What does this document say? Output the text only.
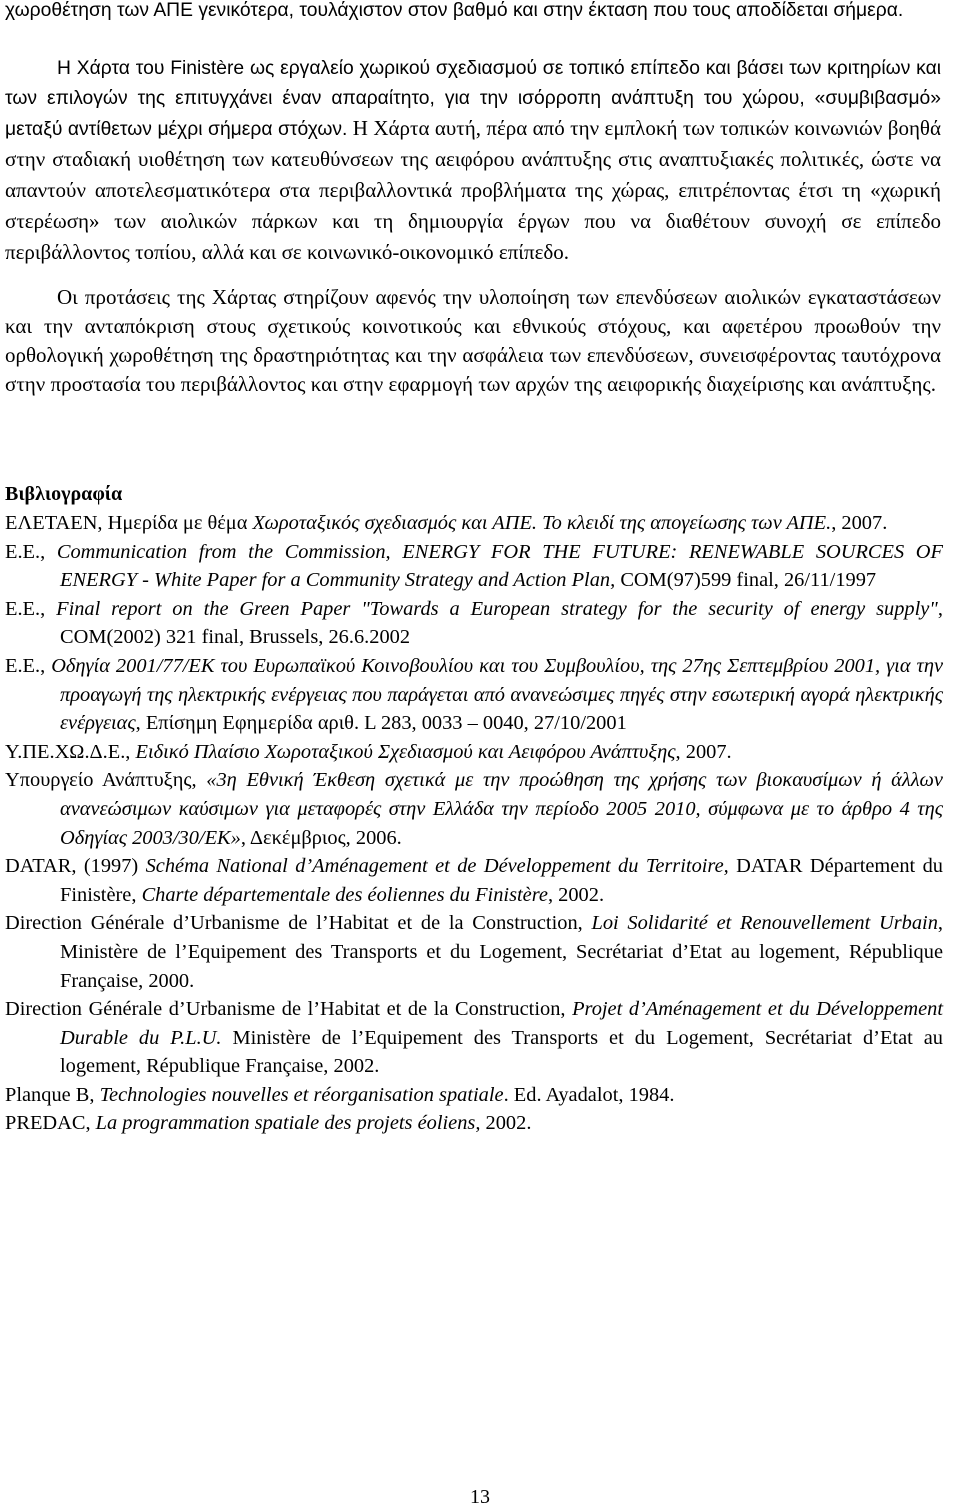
χωροθέτηση των ΑΠΕ γενικότερα, τουλάχιστον στον βαθμό και στην έκταση που τους αποδίδεται σήμερα.

Η Χάρτα του Finistère ως εργαλείο χωρικού σχεδιασμού σε τοπικό επίπεδο και βάσει των κριτηρίων και των επιλογών της επιτυγχάνει έναν απαραίτητο, για την ισόρροπη ανάπτυξη του χώρου, «συμβιβασμό» μεταξύ αντίθετων μέχρι σήμερα στόχων. Η Χάρτα αυτή, πέρα από την εμπλοκή των τοπικών κοινωνιών βοηθά στην σταδιακή υιοθέτηση των κατευθύνσεων της αειφόρου ανάπτυξης στις αναπτυξιακές πολιτικές, ώστε να απαντούν αποτελεσματικότερα στα περιβαλλοντικά προβλήματα της χώρας, επιτρέποντας έτσι τη «χωρική στερέωση» των αιολικών πάρκων και τη δημιουργία έργων που να διαθέτουν συνοχή σε επίπεδο περιβάλλοντος τοπίου, αλλά και σε κοινωνικό-οικονομικό επίπεδο.

Οι προτάσεις της Χάρτας στηρίζουν αφενός την υλοποίηση των επενδύσεων αιολικών εγκαταστάσεων και την ανταπόκριση στους σχετικούς κοινοτικούς και εθνικούς στόχους, και αφετέρου προωθούν την ορθολογική χωροθέτηση της δραστηριότητας και την ασφάλεια των επενδύσεων, συνεισφέροντας ταυτόχρονα στην προστασία του περιβάλλοντος και στην εφαρμογή των αρχών της αειφορικής διαχείρισης και ανάπτυξης.

Βιβλιογραφία

ΕΛΕΤΑΕΝ, Ημερίδα με θέμα Χωροταξικός σχεδιασμός και ΑΠΕ. Το κλειδί της απογείωσης των ΑΠΕ., 2007.

E.E., Communication from the Commission, ENERGY FOR THE FUTURE: RENEWABLE SOURCES OF ENERGY - White Paper for a Community Strategy and Action Plan, COM(97)599 final, 26/11/1997

E.E., Final report on the Green Paper "Towards a European strategy for the security of energy supply", COM(2002) 321 final, Brussels, 26.6.2002

E.E., Οδηγία 2001/77/ΕΚ του Ευρωπαϊκού Κοινοβουλίου και του Συμβουλίου, της 27ης Σεπτεμβρίου 2001, για την προαγωγή της ηλεκτρικής ενέργειας που παράγεται από ανανεώσιμες πηγές στην εσωτερική αγορά ηλεκτρικής ενέργειας, Επίσημη Εφημερίδα αριθ. L 283, 0033 – 0040, 27/10/2001

Υ.ΠΕ.ΧΩ.Δ.Ε., Ειδικό Πλαίσιο Χωροταξικού Σχεδιασμού και Αειφόρου Ανάπτυξης, 2007.

Υπουργείο Ανάπτυξης, «3η Εθνική Έκθεση σχετικά με την προώθηση της χρήσης των βιοκαυσίμων ή άλλων ανανεώσιμων καύσιμων για μεταφορές στην Ελλάδα την περίοδο 2005 2010, σύμφωνα με το άρθρο 4 της Οδηγίας 2003/30/ΕΚ», Δεκέμβριος, 2006.

DATAR, (1997) Schéma National d’Aménagement et de Développement du Territoire, DATAR Département du Finistère, Charte départementale des éoliennes du Finistère, 2002.

Direction Générale d’Urbanisme de l’Habitat et de la Construction, Loi Solidarité et Renouvellement Urbain, Ministère de l’Equipement des Transports et du Logement, Secrétariat d’Etat au logement, République Française, 2000.

Direction Générale d’Urbanisme de l’Habitat et de la Construction, Projet d’Aménagement et du Développement Durable du P.L.U. Ministère de l’Equipement des Transports et du Logement, Secrétariat d’Etat au logement, République Française, 2002.

Planque B, Technologies nouvelles et réorganisation spatiale. Ed. Ayadalot, 1984.

PREDAC, La programmation spatiale des projets éoliens, 2002.

13
